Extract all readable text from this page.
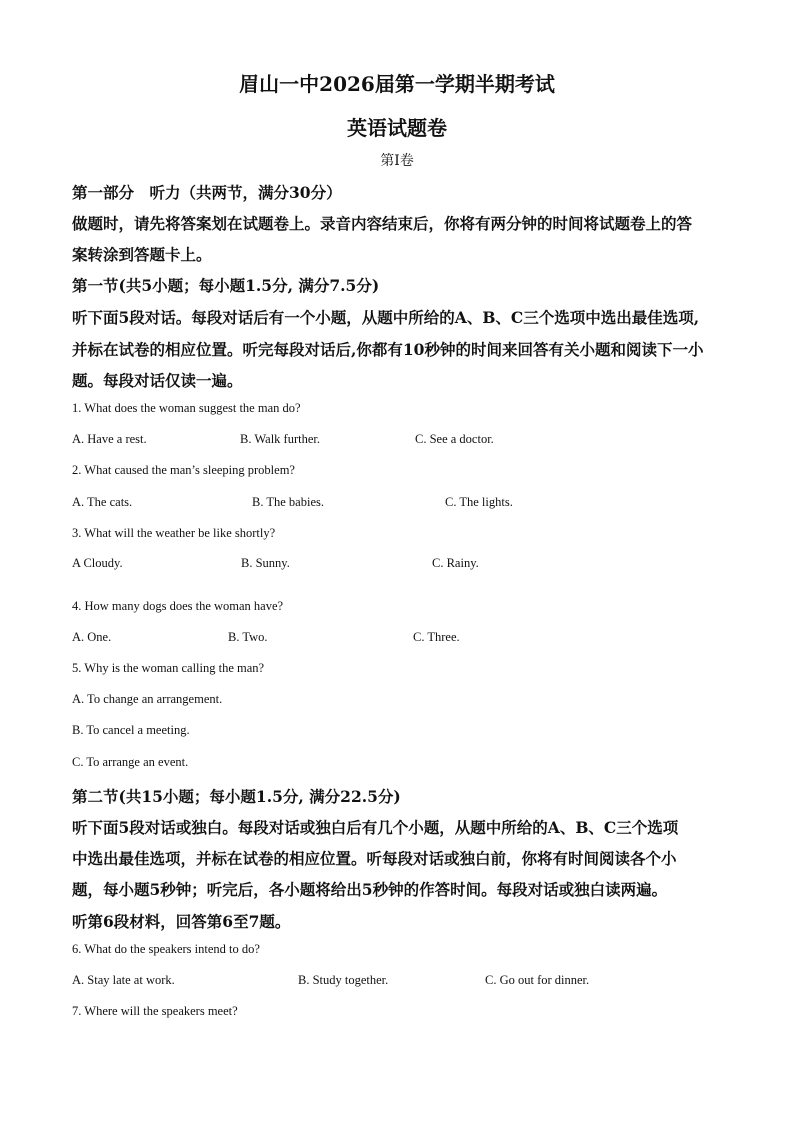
眉山一中2026届第一学期半期考试
英语试题卷
第I卷
第一部分　听力（共两节，满分30分）
做题时，请先将答案划在试题卷上。录音内容结束后，你将有两分钟的时间将试题卷上的答
案转涂到答题卡上。
第一节(共5小题；每小题1.5分, 满分7.5分)
听下面5段对话。每段对话后有一个小题，从题中所给的A、B、C三个选项中选出最佳选项,
并标在试卷的相应位置。听完每段对话后,你都有10秒钟的时间来回答有关小题和阅读下一小
题。每段对话仅读一遍。
1. What does the woman suggest the man do?
A. Have a rest.	B. Walk further.	C. See a doctor.
2. What caused the man’s sleeping problem?
A. The cats.	B. The babies.	C. The lights.
3. What will the weather be like shortly?
A Cloudy.	B. Sunny.	C. Rainy.
4. How many dogs does the woman have?
A. One.	B. Two.	C. Three.
5. Why is the woman calling the man?
A. To change an arrangement.
B. To cancel a meeting.
C. To arrange an event.
第二节(共15小题；每小题1.5分, 满分22.5分)
听下面5段对话或独白。每段对话或独白后有几个小题，从题中所给的A、B、C三个选项
中选出最佳选项，并标在试卷的相应位置。听每段对话或独白前，你将有时间阅读各个小
题，每小题5秒钟；听完后，各小题将给出5秒钟的作答时间。每段对话或独白读两遍。
听第6段材料，回答第6至7题。
6. What do the speakers intend to do?
A. Stay late at work.	B. Study together.	C. Go out for dinner.
7. Where will the speakers meet?
